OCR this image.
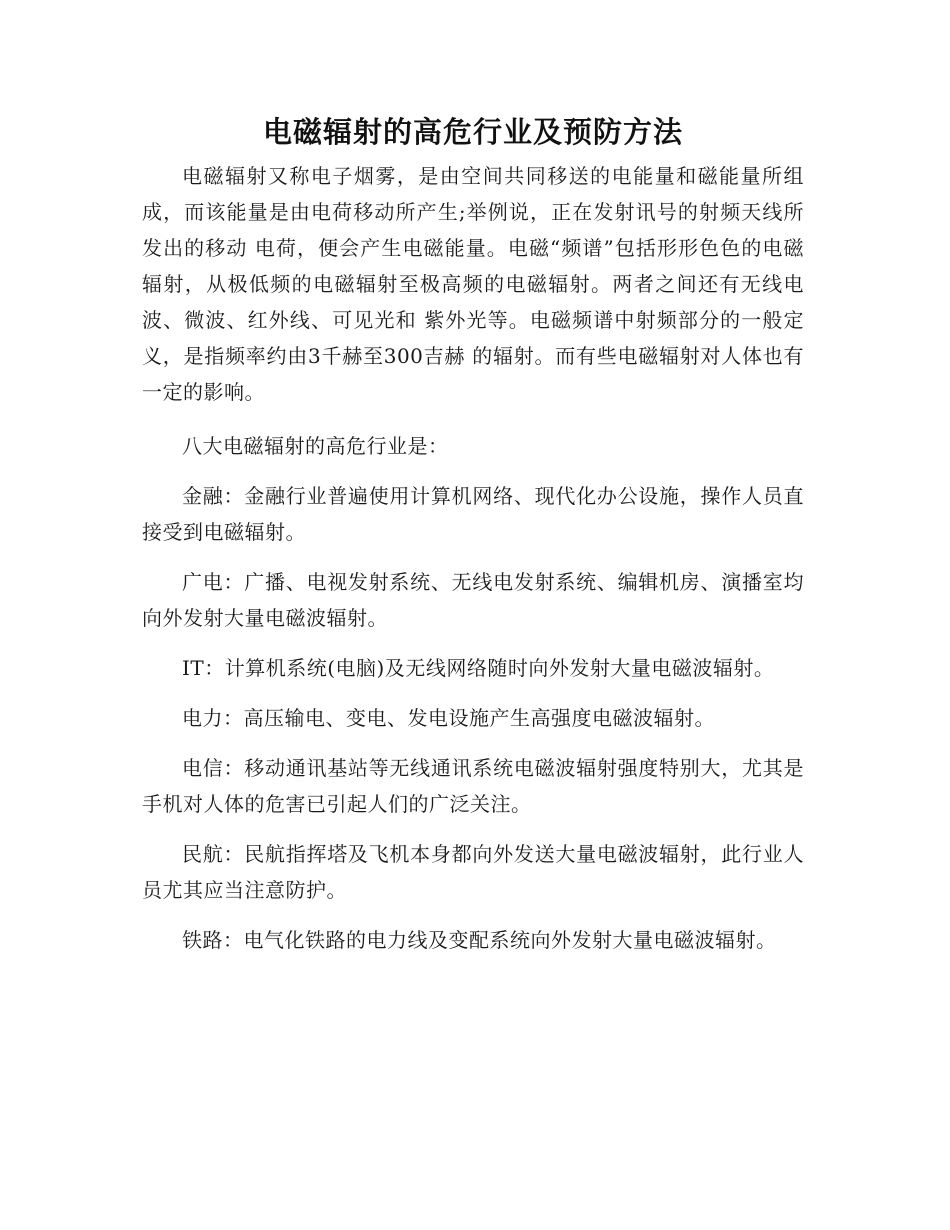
电磁辐射的高危行业及预防方法

电磁辐射又称电子烟雾，是由空间共同移送的电能量和磁能量所组成，而该能量是由电荷移动所产生;举例说，正在发射讯号的射频天线所发出的移动 电荷，便会产生电磁能量。电磁“频谱”包括形形色色的电磁辐射，从极低频的电磁辐射至极高频的电磁辐射。两者之间还有无线电波、微波、红外线、可见光和 紫外光等。电磁频谱中射频部分的一般定义，是指频率约由3千赫至300吉赫 的辐射。而有些电磁辐射对人体也有一定的影响。

八大电磁辐射的高危行业是：

金融：金融行业普遍使用计算机网络、现代化办公设施，操作人员直接受到电磁辐射。

广电：广播、电视发射系统、无线电发射系统、编辑机房、演播室均向外发射大量电磁波辐射。

IT：计算机系统(电脑)及无线网络随时向外发射大量电磁波辐射。

电力：高压输电、变电、发电设施产生高强度电磁波辐射。

电信：移动通讯基站等无线通讯系统电磁波辐射强度特别大，尤其是手机对人体的危害已引起人们的广泛关注。

民航：民航指挥塔及飞机本身都向外发送大量电磁波辐射，此行业人员尤其应当注意防护。

铁路：电气化铁路的电力线及变配系统向外发射大量电磁波辐射。
